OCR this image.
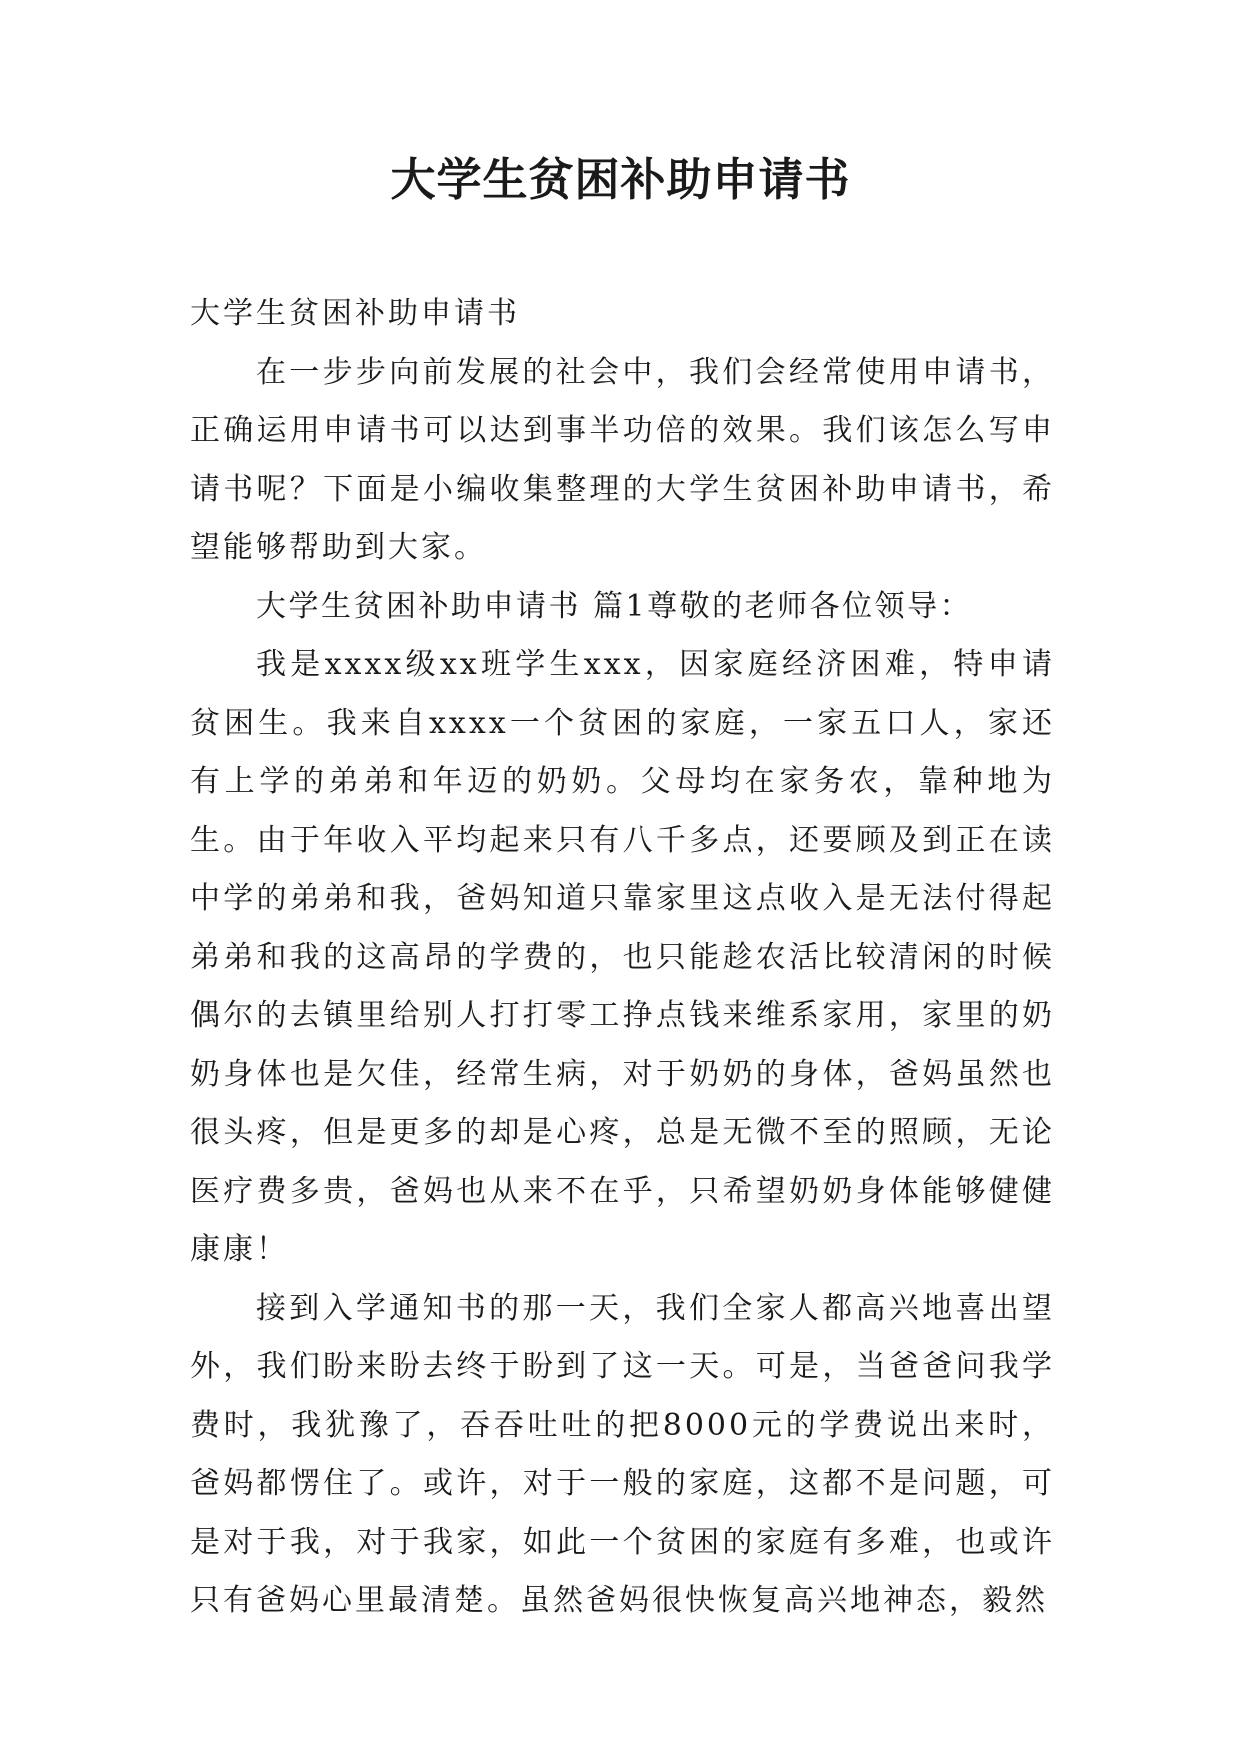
大学生贫困补助申请书

大学生贫困补助申请书

在一步步向前发展的社会中，我们会经常使用申请书，正确运用申请书可以达到事半功倍的效果。我们该怎么写申请书呢？下面是小编收集整理的大学生贫困补助申请书，希望能够帮助到大家。

大学生贫困补助申请书 篇1尊敬的老师各位领导：

我是xxxx级xx班学生xxx，因家庭经济困难，特申请贫困生。我来自xxxx一个贫困的家庭，一家五口人，家还有上学的弟弟和年迈的奶奶。父母均在家务农，靠种地为生。由于年收入平均起来只有八千多点，还要顾及到正在读中学的弟弟和我，爸妈知道只靠家里这点收入是无法付得起弟弟和我的这高昂的学费的，也只能趁农活比较清闲的时候偶尔的去镇里给别人打打零工挣点钱来维系家用，家里的奶奶身体也是欠佳，经常生病，对于奶奶的身体，爸妈虽然也很头疼，但是更多的却是心疼，总是无微不至的照顾，无论医疗费多贵，爸妈也从来不在乎，只希望奶奶身体能够健健康康！

接到入学通知书的那一天，我们全家人都高兴地喜出望外，我们盼来盼去终于盼到了这一天。可是，当爸爸问我学费时，我犹豫了，吞吞吐吐的把8000元的学费说出来时，爸妈都愣住了。或许，对于一般的家庭，这都不是问题，可是对于我，对于我家，如此一个贫困的家庭有多难，也或许只有爸妈心里最清楚。虽然爸妈很快恢复高兴地神态，毅然
